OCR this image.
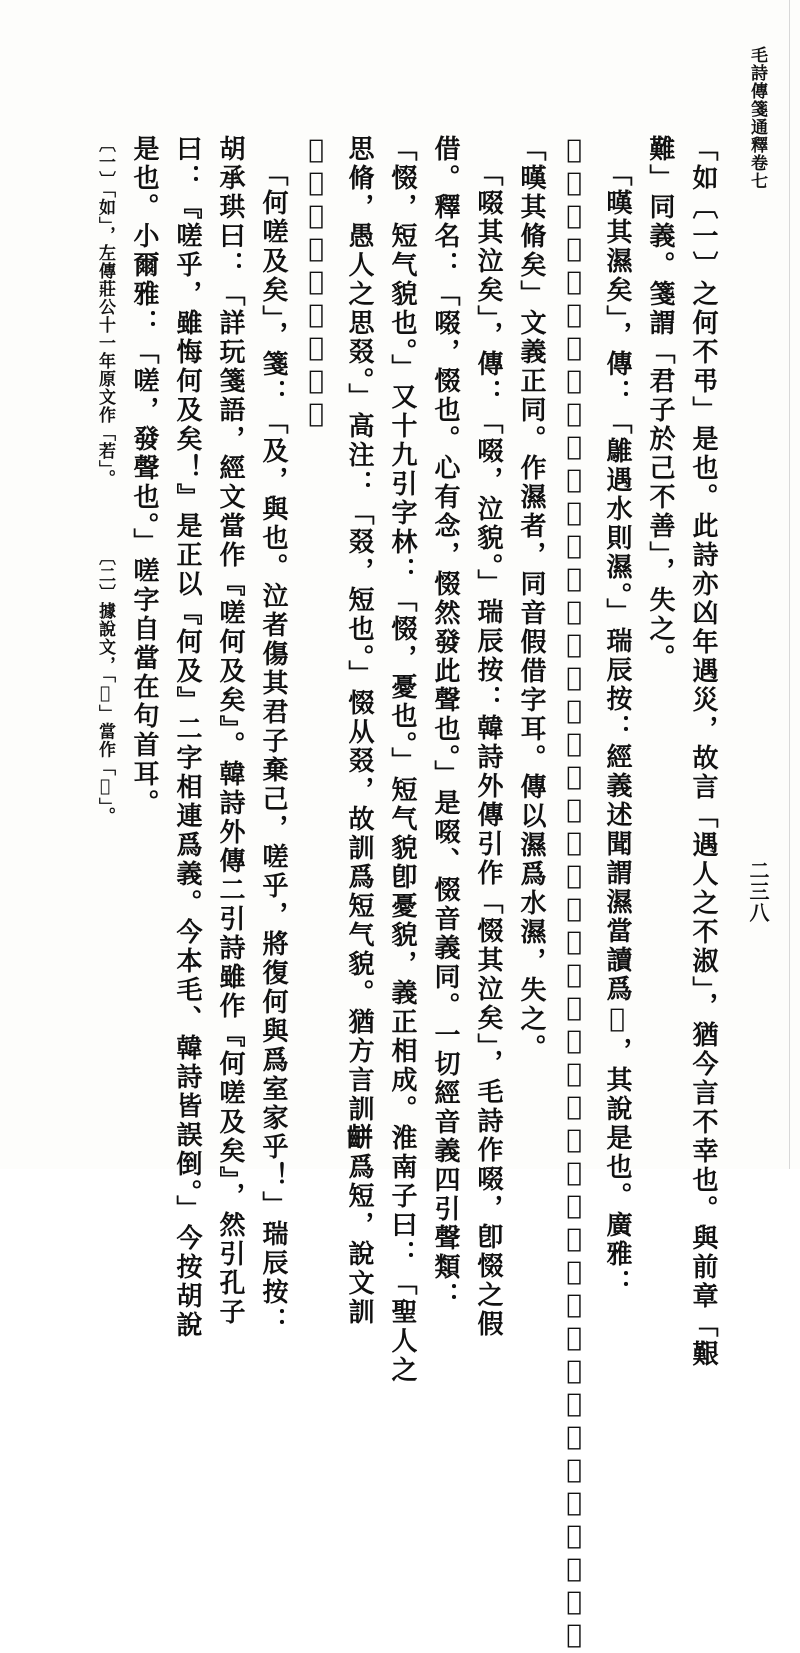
毛詩傳箋通釋卷七
二三八
「如〔一〕之何不弔」是也。此詩亦凶年遇災，故言「遇人之不淑」，猶今言不幸也。與前章「艱
難」同義。箋謂「君子於己不善」，失之。
「暵其濕矣」，傳：「鵻遇水則濕。」瑞辰按：經義述聞謂濕當讀爲𣋺，其說是也。廣雅：
「𣋺，曝也。」玉篇：「𣋺，欲乾也。」一切經音義引通俗文：「欲燥曰𣋺。」與前二章「暵其乾矣」、
「暵其脩矣」文義正同。作濕者，同音假借字耳。傳以濕爲水濕，失之。
「啜其泣矣」，傳：「啜，泣貌。」瑞辰按：韓詩外傳引作「惙其泣矣」，毛詩作啜，卽惙之假
借。釋名：「啜，惙也。心有念，惙然發此聲也。」是啜、惙音義同。一切經音義四引聲類：
「惙，短气貌也。」又十九引字林：「惙，憂也。」短气貌卽憂貌，義正相成。淮南子曰：「聖人之
思脩，愚人之思叕。」高注：「叕，短也。」惙从叕，故訓爲短气貌。猶方言訓𪘀爲短，說文訓
𥨊〔二〕爲短面也。
「何嗟及矣」，箋：「及，與也。泣者傷其君子棄己，嗟乎，將復何與爲室家乎！」瑞辰按：
胡承珙曰：「詳玩箋語，經文當作『嗟何及矣』。韓詩外傳二引詩雖作『何嗟及矣』，然引孔子
曰：『嗟乎，雖悔何及矣！』是正以『何及』二字相連爲義。今本毛、韓詩皆誤倒。」今按胡說
是也。小爾雅：「嗟，發聲也。」嗟字自當在句首耳。
〔一〕「如」，左傳莊公十一年原文作「若」。
〔二〕據說文，「𥨊」當作「𥨎」。
